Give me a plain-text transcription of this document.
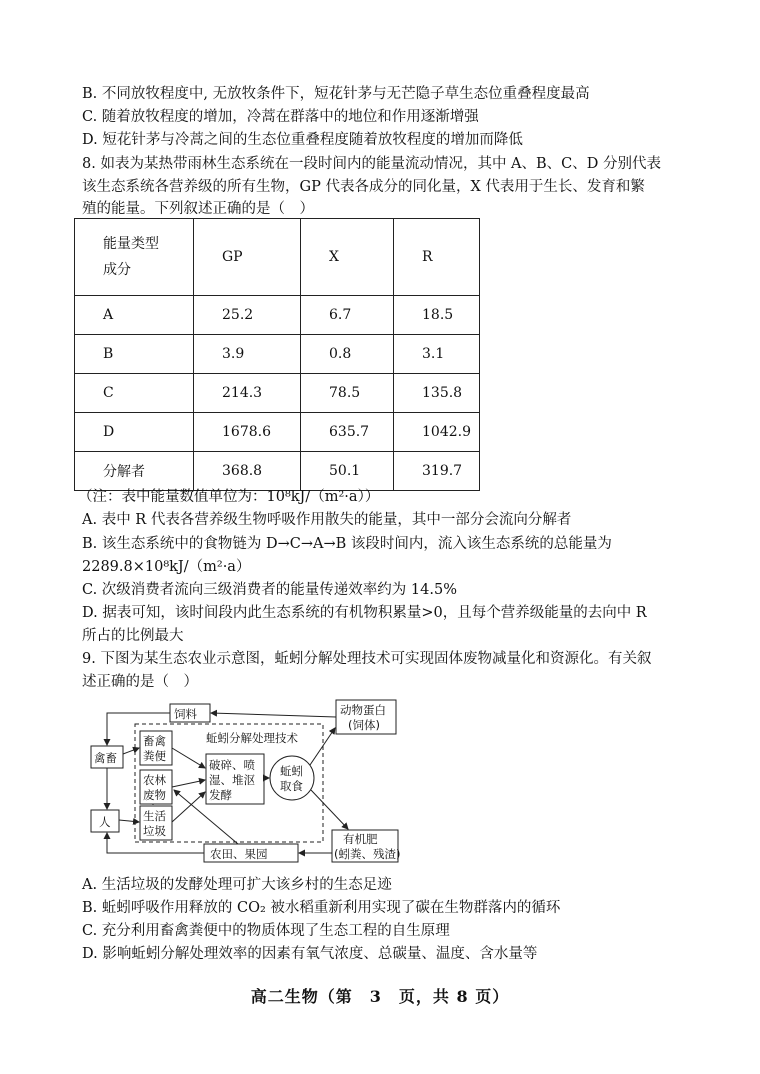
B. 不同放牧程度中, 无放牧条件下，短花针茅与无芒隐子草生态位重叠程度最高
C. 随着放牧程度的增加，冷蒿在群落中的地位和作用逐渐增强
D. 短花针茅与冷蒿之间的生态位重叠程度随着放牧程度的增加而降低
8. 如表为某热带雨林生态系统在一段时间内的能量流动情况，其中 A、B、C、D 分别代表
该生态系统各营养级的所有生物，GP 代表各成分的同化量，X 代表用于生长、发育和繁
殖的能量。下列叙述正确的是（　）
能量类型
成分	GP	X	R
A	25.2	6.7	18.5
B	3.9	0.8	3.1
C	214.3	78.5	135.8
D	1678.6	635.7	1042.9
分解者	368.8	50.1	319.7
（注：表中能量数值单位为：10⁸kJ/（m²·a））
A. 表中 R 代表各营养级生物呼吸作用散失的能量，其中一部分会流向分解者
B. 该生态系统中的食物链为 D→C→A→B 该段时间内，流入该生态系统的总能量为
2289.8×10⁸kJ/（m²·a）
C. 次级消费者流向三级消费者的能量传递效率约为 14.5%
D. 据表可知，该时间段内此生态系统的有机物积累量>0，且每个营养级能量的去向中 R
所占的比例最大
9. 下图为某生态农业示意图，蚯蚓分解处理技术可实现固体废物减量化和资源化。有关叙
述正确的是（　）
饲料	动物蛋白
(饲体)
禽畜
畜禽
粪便
农林
废物
人	生活
垃圾
蚯蚓分解处理技术
破碎、喷
湿、堆沤
发酵
蚯蚓
取食
有机肥
(蚓粪、残渣)
农田、果园
A. 生活垃圾的发酵处理可扩大该乡村的生态足迹
B. 蚯蚓呼吸作用释放的 CO₂ 被水稻重新利用实现了碳在生物群落内的循环
C. 充分利用畜禽粪便中的物质体现了生态工程的自生原理
D. 影响蚯蚓分解处理效率的因素有氧气浓度、总碳量、温度、含水量等
高二生物（第　3　页，共 8 页）
